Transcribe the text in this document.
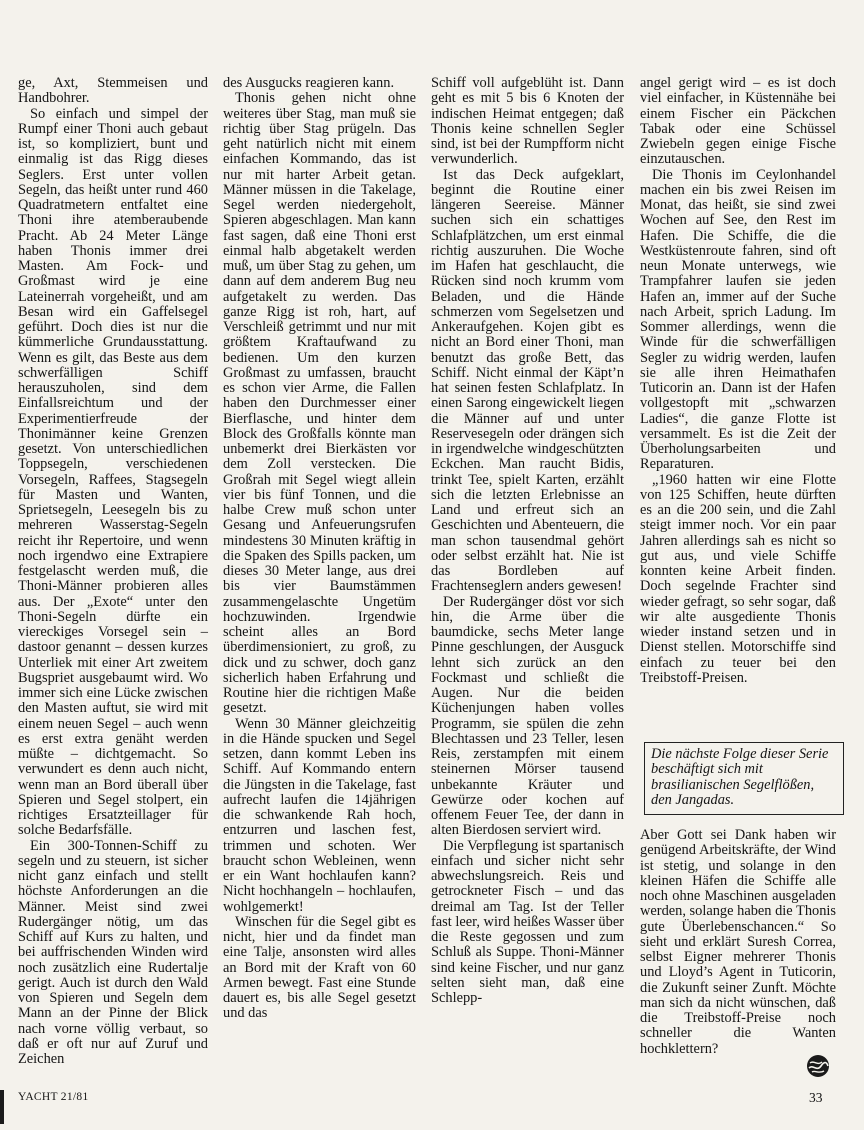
ge, Axt, Stemmeisen und Handbohrer.

So einfach und simpel der Rumpf einer Thoni auch gebaut ist, so kompliziert, bunt und einmalig ist das Rigg dieses Seglers. Erst unter vollen Segeln, das heißt unter rund 460 Quadratmetern entfaltet eine Thoni ihre atemberaubende Pracht. Ab 24 Meter Länge haben Thonis immer drei Masten. Am Fock- und Großmast wird je eine Lateinerrah vorgeheißt, und am Besan wird ein Gaffelsegel geführt. Doch dies ist nur die kümmerliche Grundausstattung. Wenn es gilt, das Beste aus dem schwerfälligen Schiff herauszuholen, sind dem Einfallsreichtum und der Experimentierfreude der Thonimänner keine Grenzen gesetzt. Von unterschiedlichen Toppsegeln, verschiedenen Vorsegeln, Raffees, Stagsegeln für Masten und Wanten, Sprietsegeln, Leesegeln bis zu mehreren Wasserstag-Segeln reicht ihr Repertoire, und wenn noch irgendwo eine Extrapiere festgelascht werden muß, die Thoni-Männer probieren alles aus. Der „Exote“ unter den Thoni-Segeln dürfte ein viereckiges Vorsegel sein – dastoor genannt – dessen kurzes Unterliek mit einer Art zweitem Bugspriet ausgebaumt wird. Wo immer sich eine Lücke zwischen den Masten auftut, sie wird mit einem neuen Segel – auch wenn es erst extra genäht werden müßte – dichtgemacht. So verwundert es denn auch nicht, wenn man an Bord überall über Spieren und Segel stolpert, ein richtiges Ersatzteillager für solche Bedarfsfälle.

Ein 300-Tonnen-Schiff zu segeln und zu steuern, ist sicher nicht ganz einfach und stellt höchste Anforderungen an die Männer. Meist sind zwei Rudergänger nötig, um das Schiff auf Kurs zu halten, und bei auffrischenden Winden wird noch zusätzlich eine Rudertalje gerigt. Auch ist durch den Wald von Spieren und Segeln dem Mann an der Pinne der Blick nach vorne völlig verbaut, so daß er oft nur auf Zuruf und Zeichen

des Ausgucks reagieren kann.

Thonis gehen nicht ohne weiteres über Stag, man muß sie richtig über Stag prügeln. Das geht natürlich nicht mit einem einfachen Kommando, das ist nur mit harter Arbeit getan. Männer müssen in die Takelage, Segel werden niedergeholt, Spieren abgeschlagen. Man kann fast sagen, daß eine Thoni erst einmal halb abgetakelt werden muß, um über Stag zu gehen, um dann auf dem anderem Bug neu aufgetakelt zu werden. Das ganze Rigg ist roh, hart, auf Verschleiß getrimmt und nur mit größtem Kraftaufwand zu bedienen. Um den kurzen Großmast zu umfassen, braucht es schon vier Arme, die Fallen haben den Durchmesser einer Bierflasche, und hinter dem Block des Großfalls könnte man unbemerkt drei Bierkästen vor dem Zoll verstecken. Die Großrah mit Segel wiegt allein vier bis fünf Tonnen, und die halbe Crew muß schon unter Gesang und Anfeuerungsrufen mindestens 30 Minuten kräftig in die Spaken des Spills packen, um dieses 30 Meter lange, aus drei bis vier Baumstämmen zusammengelaschte Ungetüm hochzuwinden. Irgendwie scheint alles an Bord überdimensioniert, zu groß, zu dick und zu schwer, doch ganz sicherlich haben Erfahrung und Routine hier die richtigen Maße gesetzt.

Wenn 30 Männer gleichzeitig in die Hände spucken und Segel setzen, dann kommt Leben ins Schiff. Auf Kommando entern die Jüngsten in die Takelage, fast aufrecht laufen die 14jährigen die schwankende Rah hoch, entzurren und laschen fest, trimmen und schoten. Wer braucht schon Webleinen, wenn er ein Want hochlaufen kann? Nicht hochhangeln – hochlaufen, wohlgemerkt!

Winschen für die Segel gibt es nicht, hier und da findet man eine Talje, ansonsten wird alles an Bord mit der Kraft von 60 Armen bewegt. Fast eine Stunde dauert es, bis alle Segel gesetzt und das

Schiff voll aufgeblüht ist. Dann geht es mit 5 bis 6 Knoten der indischen Heimat entgegen; daß Thonis keine schnellen Segler sind, ist bei der Rumpfform nicht verwunderlich.

Ist das Deck aufgeklart, beginnt die Routine einer längeren Seereise. Männer suchen sich ein schattiges Schlafplätzchen, um erst einmal richtig auszuruhen. Die Woche im Hafen hat geschlaucht, die Rücken sind noch krumm vom Beladen, und die Hände schmerzen vom Segelsetzen und Ankeraufgehen. Kojen gibt es nicht an Bord einer Thoni, man benutzt das große Bett, das Schiff. Nicht einmal der Käpt’n hat seinen festen Schlafplatz. In einen Sarong eingewickelt liegen die Männer auf und unter Reservesegeln oder drängen sich in irgendwelche windgeschützten Eckchen. Man raucht Bidis, trinkt Tee, spielt Karten, erzählt sich die letzten Erlebnisse an Land und erfreut sich an Geschichten und Abenteuern, die man schon tausendmal gehört oder selbst erzählt hat. Nie ist das Bordleben auf Frachtenseglern anders gewesen!

Der Rudergänger döst vor sich hin, die Arme über die baumdicke, sechs Meter lange Pinne geschlungen, der Ausguck lehnt sich zurück an den Fockmast und schließt die Augen. Nur die beiden Küchenjungen haben volles Programm, sie spülen die zehn Blechtassen und 23 Teller, lesen Reis, zerstampfen mit einem steinernen Mörser tausend unbekannte Kräuter und Gewürze oder kochen auf offenem Feuer Tee, der dann in alten Bierdosen serviert wird.

Die Verpflegung ist spartanisch einfach und sicher nicht sehr abwechslungsreich. Reis und getrockneter Fisch – und das dreimal am Tag. Ist der Teller fast leer, wird heißes Wasser über die Reste gegossen und zum Schluß als Suppe. Thoni-Männer sind keine Fischer, und nur ganz selten sieht man, daß eine Schlepp-

angel gerigt wird – es ist doch viel einfacher, in Küstennähe bei einem Fischer ein Päckchen Tabak oder eine Schüssel Zwiebeln gegen einige Fische einzutauschen.

Die Thonis im Ceylonhandel machen ein bis zwei Reisen im Monat, das heißt, sie sind zwei Wochen auf See, den Rest im Hafen. Die Schiffe, die die Westküstenroute fahren, sind oft neun Monate unterwegs, wie Trampfahrer laufen sie jeden Hafen an, immer auf der Suche nach Arbeit, sprich Ladung. Im Sommer allerdings, wenn die Winde für die schwerfälligen Segler zu widrig werden, laufen sie alle ihren Heimathafen Tuticorin an. Dann ist der Hafen vollgestopft mit „schwarzen Ladies“, die ganze Flotte ist versammelt. Es ist die Zeit der Überholungsarbeiten und Reparaturen.

„1960 hatten wir eine Flotte von 125 Schiffen, heute dürften es an die 200 sein, und die Zahl steigt immer noch. Vor ein paar Jahren allerdings sah es nicht so gut aus, und viele Schiffe konnten keine Arbeit finden. Doch segelnde Frachter sind wieder gefragt, so sehr sogar, daß wir alte ausgediente Thonis wieder instand setzen und in Dienst stellen. Motorschiffe sind einfach zu teuer bei den Treibstoff-Preisen.

Die nächste Folge dieser Serie beschäftigt sich mit brasilianischen Segelflößen, den Jangadas.

Aber Gott sei Dank haben wir genügend Arbeitskräfte, der Wind ist stetig, und solange in den kleinen Häfen die Schiffe alle noch ohne Maschinen ausgeladen werden, solange haben die Thonis gute Überlebenschancen.“ So sieht und erklärt Suresh Correa, selbst Eigner mehrerer Thonis und Lloyd’s Agent in Tuticorin, die Zukunft seiner Zunft. Möchte man sich da nicht wünschen, daß die Treibstoff-Preise noch schneller die Wanten hochklettern?

YACHT 21/81	33
